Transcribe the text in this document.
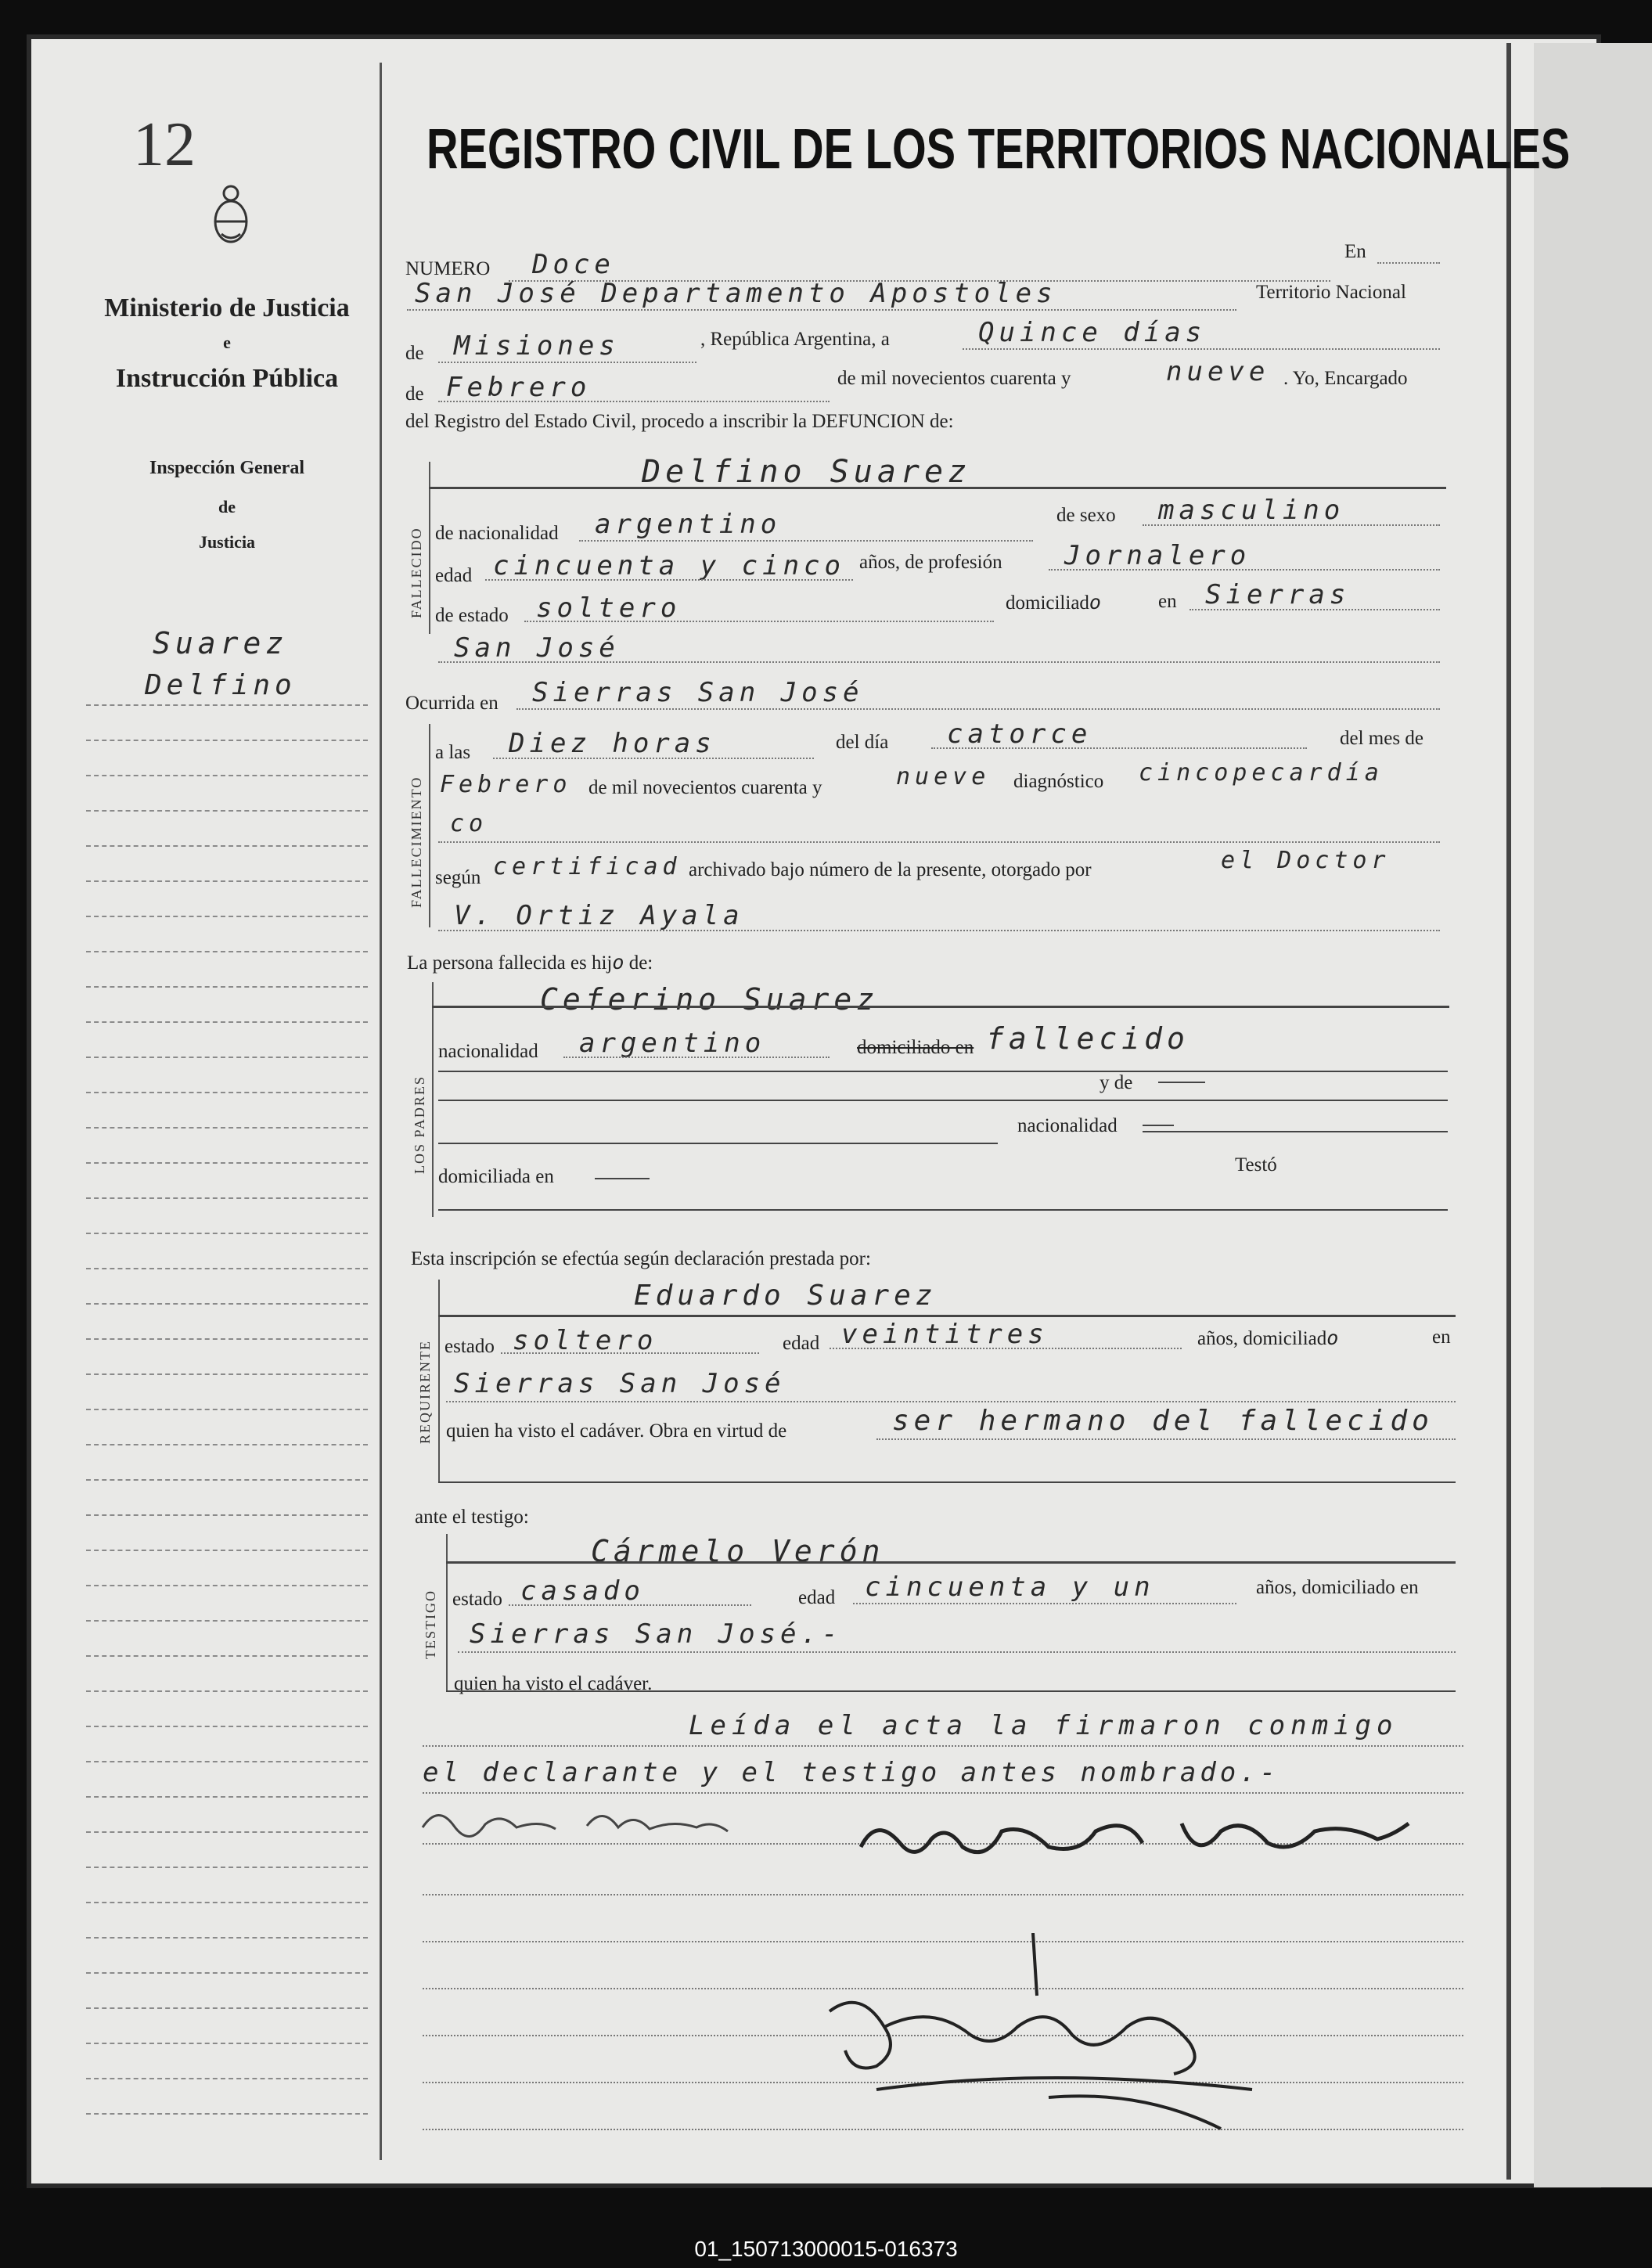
12
Ministerio de Justicia
e
Instrucción Pública
Inspección General
de
Justicia
Suarez
Delfino
REGISTRO CIVIL DE LOS TERRITORIOS NACIONALES
NUMERO Doce	En
San José Departamento Apostoles	Territorio Nacional
de Misiones	, República Argentina, a	Quince días
de Febrero	de mil novecientos cuarenta y	nueve . Yo, Encargado
del Registro del Estado Civil, procedo a inscribir la DEFUNCION de:
FALLECIDO
Delfino Suarez
de nacionalidad argentino	de sexo masculino
edad cincuenta y cinco años, de profesión Jornalero
de estado soltero	domiciliado	en Sierras
San José
Ocurrida en Sierras San José
FALLECIMIENTO
a las Diez horas	del día catorce	del mes de
Febrero de mil novecientos cuarenta y	nueve diagnóstico cincopecardía
co
según certificad archivado bajo número de la presente, otorgado por	el Doctor
V. Ortiz Ayala
La persona fallecida es hijo de:
LOS PADRES
Ceferino Suarez
nacionalidad argentino	domiciliado en fallecido
y de
nacionalidad
domiciliada en
Testó
Esta inscripción se efectúa según declaración prestada por:
REQUIRENTE
Eduardo Suarez
estado soltero	edad veintitres	años, domiciliado	en
Sierras San José
quien ha visto el cadáver. Obra en virtud de	ser hermano del fallecido
ante el testigo:
TESTIGO
Cármelo Verón
estado casado	edad cincuenta y un	años, domiciliado en
Sierras San José.-
quien ha visto el cadáver.
Leída el acta la firmaron conmigo
el declarante y el testigo antes nombrado.-
01_150713000015-016373
